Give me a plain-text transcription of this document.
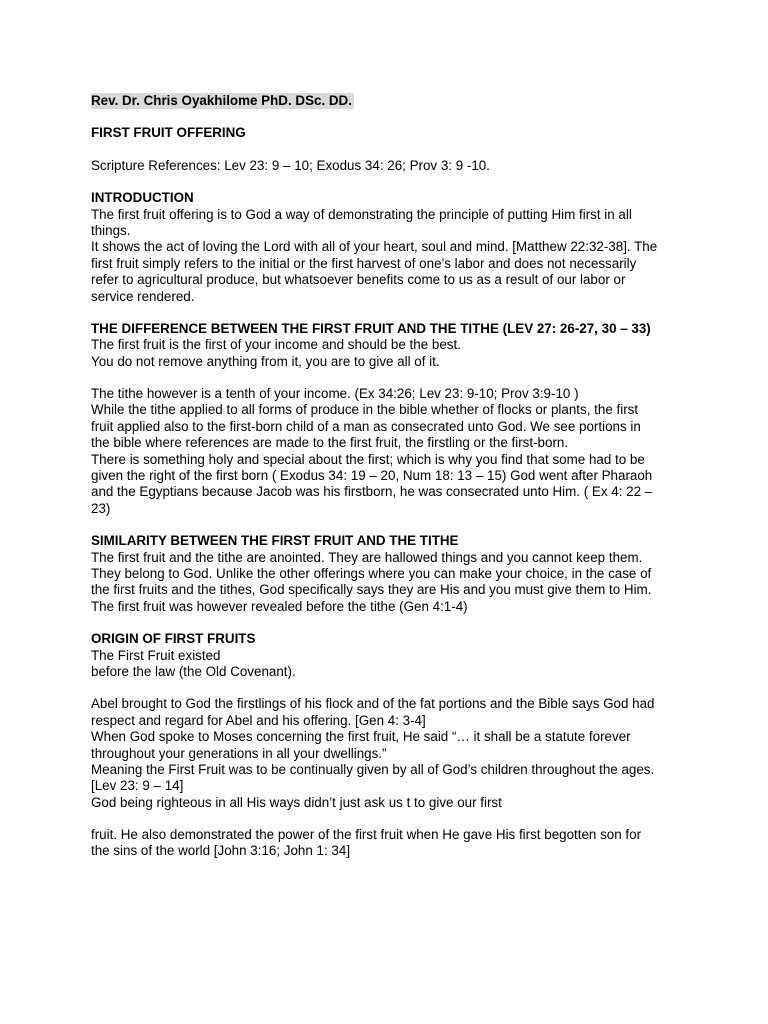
Rev. Dr. Chris Oyakhilome PhD. DSc. DD.
FIRST FRUIT OFFERING
Scripture References: Lev 23: 9 – 10; Exodus 34: 26; Prov 3: 9 -10.
INTRODUCTION
The first fruit offering is to God a way of demonstrating the principle of putting Him first in all
things.
It shows the act of loving the Lord with all of your heart, soul and mind. [Matthew 22:32-38]. The
first fruit simply refers to the initial or the first harvest of one’s labor and does not necessarily
refer to agricultural produce, but whatsoever benefits come to us as a result of our labor or
service rendered.
THE DIFFERENCE BETWEEN THE FIRST FRUIT AND THE TITHE (LEV 27: 26-27, 30 – 33)
The first fruit is the first of your income and should be the best.
You do not remove anything from it, you are to give all of it.
The tithe however is a tenth of your income. (Ex 34:26; Lev 23: 9-10; Prov 3:9-10 )
While the tithe applied to all forms of produce in the bible whether of flocks or plants, the first
fruit applied also to the first-born child of a man as consecrated unto God. We see portions in
the bible where references are made to the first fruit, the firstling or the first-born.
There is something holy and special about the first; which is why you find that some had to be
given the right of the first born ( Exodus 34: 19 – 20, Num 18: 13 – 15) God went after Pharaoh
and the Egyptians because Jacob was his firstborn, he was consecrated unto Him. ( Ex 4: 22 –
23)
SIMILARITY BETWEEN THE FIRST FRUIT AND THE TITHE
The first fruit and the tithe are anointed. They are hallowed things and you cannot keep them.
They belong to God. Unlike the other offerings where you can make your choice, in the case of
the first fruits and the tithes, God specifically says they are His and you must give them to Him.
The first fruit was however revealed before the tithe (Gen 4:1-4)
ORIGIN OF FIRST FRUITS
The First Fruit existed
before the law (the Old Covenant).
Abel brought to God the firstlings of his flock and of the fat portions and the Bible says God had
respect and regard for Abel and his offering. [Gen 4: 3-4]
When God spoke to Moses concerning the first fruit, He said “… it shall be a statute forever
throughout your generations in all your dwellings.”
Meaning the First Fruit was to be continually given by all of God’s children throughout the ages.
[Lev 23: 9 – 14]
God being righteous in all His ways didn’t just ask us t to give our first
fruit. He also demonstrated the power of the first fruit when He gave His first begotten son for
the sins of the world [John 3:16; John 1: 34]
